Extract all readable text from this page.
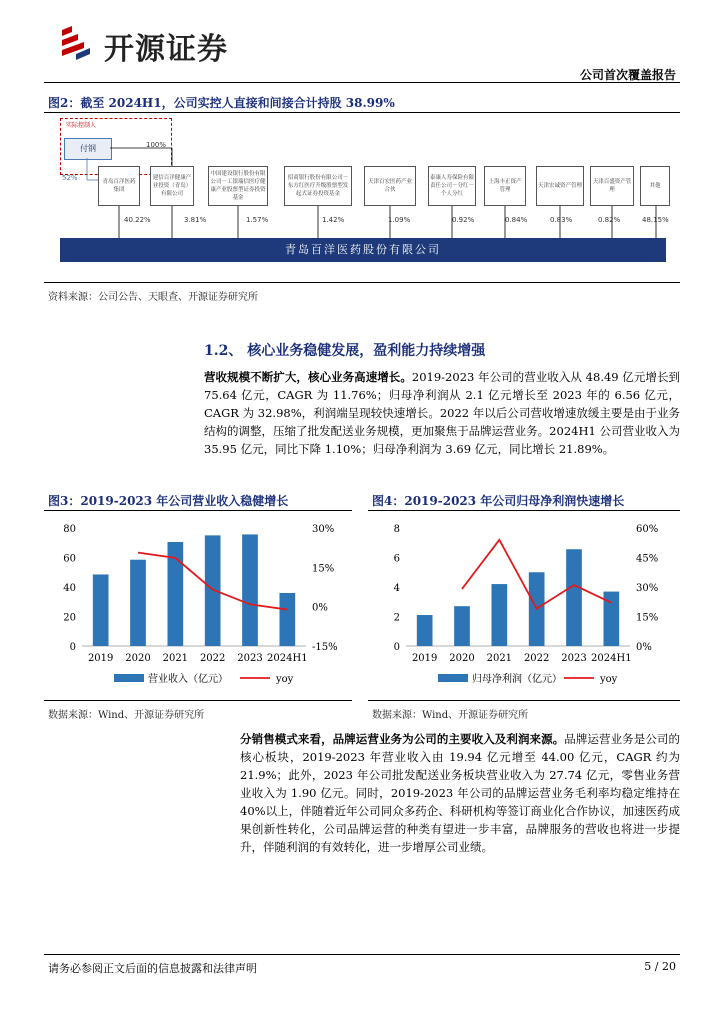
开源证券
公司首次覆盖报告
图2：截至 2024H1，公司实控人直接和间接合计持股 38.99%
实际控制人
付钢	100%
52%	青岛百洋医药集团
建信百洋健康产业投资（青岛）有限公司
中国建设银行股份有限公司－工银瑞信医疗健康产业股票型证券投资基金
招商银行股份有限公司－东方红医疗升级股票型发起式证券投资基金
天津百宏医药产业合伙
泰康人寿保险有限责任公司－分红－个人分红
上海丰正资产管理
天津宏诚资产管理
天津百盛资产管理
其他
40.22%	3.81%	1.57%	1.42%	1.09%	0.92%	0.84%	0.83%	0.82%	48.15%
青岛百洋医药股份有限公司
资料来源：公司公告、天眼查、开源证券研究所
1.2、 核心业务稳健发展，盈利能力持续增强
营收规模不断扩大，核心业务高速增长。2019-2023 年公司的营业收入从 48.49 亿元增长到 75.64 亿元，CAGR 为 11.76%；归母净利润从 2.1 亿元增长至 2023 年的 6.56 亿元，CAGR 为 32.98%，利润端呈现较快速增长。2022 年以后公司营收增速放缓主要是由于业务结构的调整，压缩了批发配送业务规模，更加聚焦于品牌运营业务。2024H1 公司营业收入为 35.95 亿元，同比下降 1.10%；归母净利润为 3.69 亿元，同比增长 21.89%。
图3：2019-2023 年公司营业收入稳健增长	图4：2019-2023 年公司归母净利润快速增长
0
20
40
60
80
-15%
0%
15%
30%
2019 2020 2021 2022 2023 2024H1
营业收入（亿元）	yoy
0
2
4
6
8
0%
15%
30%
45%
60%
2019 2020 2021 2022 2023 2024H1
归母净利润（亿元）	yoy
数据来源：Wind、开源证券研究所	数据来源：Wind、开源证券研究所
分销售模式来看，品牌运营业务为公司的主要收入及利润来源。品牌运营业务是公司的核心板块，2019-2023 年营业收入由 19.94 亿元增至 44.00 亿元，CAGR 约为 21.9%；此外，2023 年公司批发配送业务板块营业收入为 27.74 亿元，零售业务营业收入为 1.90 亿元。同时，2019-2023 年公司的品牌运营业务毛利率均稳定维持在 40%以上，伴随着近年公司同众多药企、科研机构等签订商业化合作协议，加速医药成果创新性转化，公司品牌运营的种类有望进一步丰富，品牌服务的营收也将进一步提升，伴随利润的有效转化，进一步增厚公司业绩。
请务必参阅正文后面的信息披露和法律声明	5 / 20
